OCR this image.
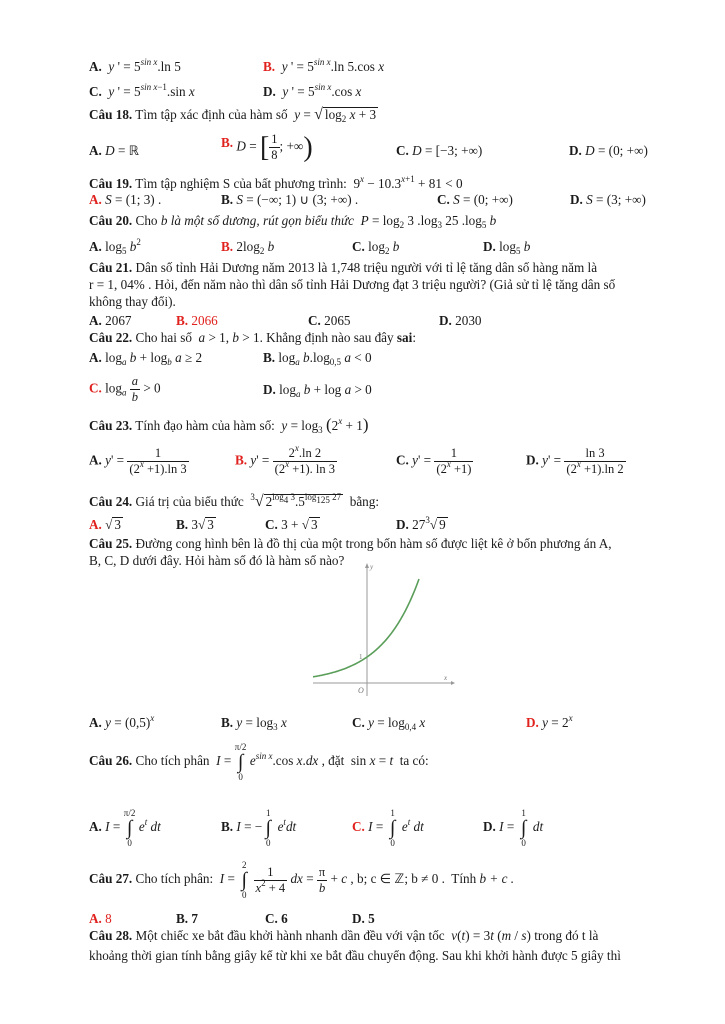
A.  y ' = $5^{sin x}.\ln$ 5	B.  y ' = $5^{sin x}.\ln$ 5.cos x
C.  y ' = $5^{sin x-1}.\sin$ x	D.  y ' = $5^{sin x}.\cos$ x
Câu 18. Tìm tập xác định của hàm số y = √ $\log_2 x + 3$
A. D = ℝ
B. D = [ $\frac{1}{8}$ ; +∞)	C. D = [−3; +∞)	D. D = (0; +∞)
Câu 19. Tìm tập nghiệm S của bất phương trình:  $9^x - 10.3^{x+1} + 81 < 0$
A. S = (1; 3) .	B. S = (−∞; 1) ∪ (3; +∞) .	C. S = (0; +∞)	D. S = (3; +∞)
Câu 20. Cho b là một số dương, rút gọn biểu thức $P = \log_2 3$ $.\log_3$ 25 $.\log_5$ b
A. $\log_5 b^2$	B. $2\log_2$ b	C. $\log_2 b$	D. $\log_5 b$
Câu 21. Dân số tỉnh Hải Dương năm 2013 là 1,748 triệu người với tỉ lệ tăng dân số hàng năm là
r = 1, 04% . Hỏi, đến năm nào thì dân số tỉnh Hải Dương đạt 3 triệu người? (Giả sử tỉ lệ tăng dân số
không thay đổi).
A. 2067	B. 2066	C. 2065	D. 2030
Câu 22. Cho hai số  a > 1, b > 1. Khẳng định nào sau đây sai:
A. $\log_a b + \log_b a \ge 2$	B. $\log_a b.\log_{0,5}$ a < 0
C. $\log_a \frac{a}{b} > 0$	D. $\log_a b + \log a > 0$
Câu 23. Tính đạo hàm của hàm số: $y = \log_3 (2^x + 1)$
A. $y' = \frac{1}{(2^x +1).\ln 3}$	B. $y' = \frac{2^x.\ln 2}{(2^x +1). \ln 3}$	C. $y' = \frac{1}{(2^x +1)}$	D. $y' = \frac{\ln 3}{(2^x +1).\ln 2}$
Câu 24. Giá trị của biểu thức $^3$√ $2^{log_4 3}.5^{log_{125} 27}$ bằng:
A. √ 3	B. 3√ 3	C. 3 + √ 3	D. $27^3√$ 9
Câu 25. Đường cong hình bên là đồ thị của một trong bốn hàm số được liệt kê ở bốn phương án A,
B, C, D dưới đây. Hỏi hàm số đó là hàm số nào?	y
x
O
1
A. $y = (0,5)^x$	B. $y = \log_3 x$	C. $y = \log_{0,4} x$	D. $y = 2^x$
Câu 26. Cho tích phân I = π/2
∫
0 $e^{sin x}.\cos$ x.dx , đặt  sin x = t ta có:
A. I = π/2
∫
0 $e^t$ dt	B. I = −1
∫
0 $e^tdt$	C. I = 1
∫
0 $e^t$ dt	D. I = 1
∫
0 dt
Câu 27. Cho tích phân: I = 2
∫
$0 \frac{1}{x^2 + 4}$ dx = $\frac{\pi}{b} + c$ , b; c ∈ ℤ; b ≠ 0 . Tính b + c .
A. 8	B. 7	C. 6	D. 5
Câu 28. Một chiếc xe bắt đầu khởi hành nhanh dần đều với vận tốc v(t) = 3t (m / s) trong đó t là
khoảng thời gian tính bằng giây kể từ khi xe bắt đầu chuyển động. Sau khi khởi hành được 5 giây thì
